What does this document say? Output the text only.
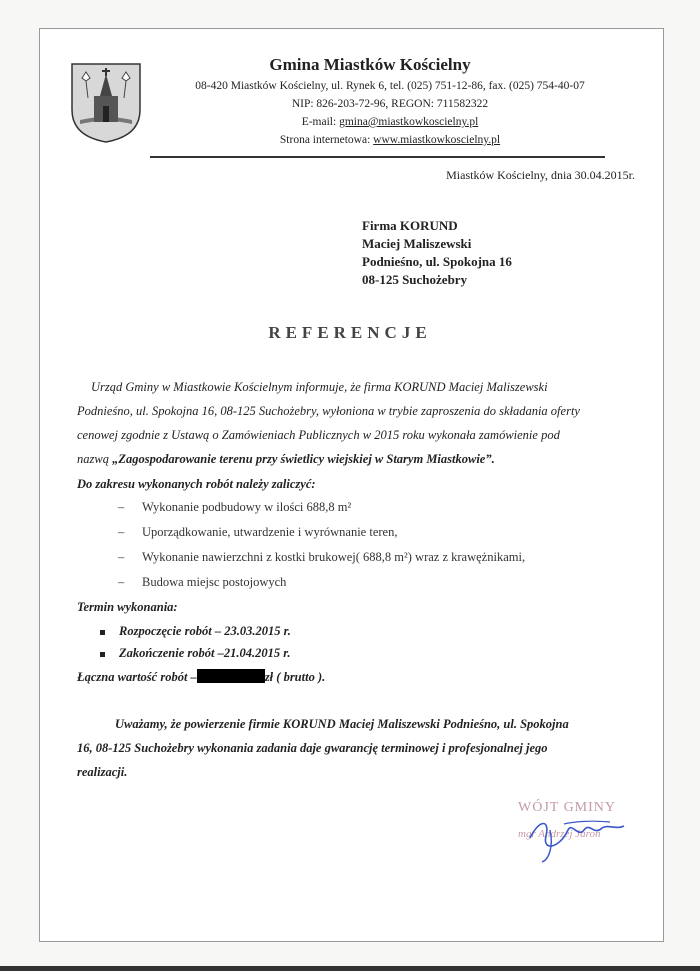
Gmina Miastków Kościelny
08-420 Miastków Kościelny, ul. Rynek 6, tel. (025) 751-12-86, fax. (025) 754-40-07
NIP: 826-203-72-96, REGON: 711582322
E-mail: gmina@miastkowkoscielny.pl
Strona internetowa: www.miastkowkoscielny.pl
Miastków Kościelny, dnia 30.04.2015r.
Firma KORUND
Maciej Maliszewski
Podnieśno, ul. Spokojna 16
08-125 Suchożebry
REFERENCJE
Urząd Gminy w Miastkowie Kościelnym informuje, że firma KORUND Maciej Maliszewski
Podnieśno, ul. Spokojna 16, 08-125 Suchożebry, wyłoniona w trybie zaproszenia do składania oferty
cenowej zgodnie z Ustawą o Zamówieniach Publicznych w 2015 roku wykonała zamówienie pod
nazwą „Zagospodarowanie terenu przy świetlicy wiejskiej w Starym Miastkowie”.
Do zakresu wykonanych robót należy zaliczyć:
– Wykonanie podbudowy w ilości 688,8 m²
– Uporządkowanie, utwardzenie i wyrównanie teren,
– Wykonanie nawierzchni z kostki brukowej( 688,8 m²) wraz z krawężnikami,
– Budowa miejsc postojowych
Termin wykonania:
Rozpoczęcie robót – 23.03.2015 r.
Zakończenie robót –21.04.2015 r.
Łączna wartość robót –	zł ( brutto ).
Uważamy, że powierzenie firmie KORUND Maciej Maliszewski Podnieśno, ul. Spokojna
16, 08-125 Suchożebry wykonania zadania daje gwarancję terminowej i profesjonalnej jego
realizacji.
WÓJT GMINY
mgr Andrzej Jaroń
